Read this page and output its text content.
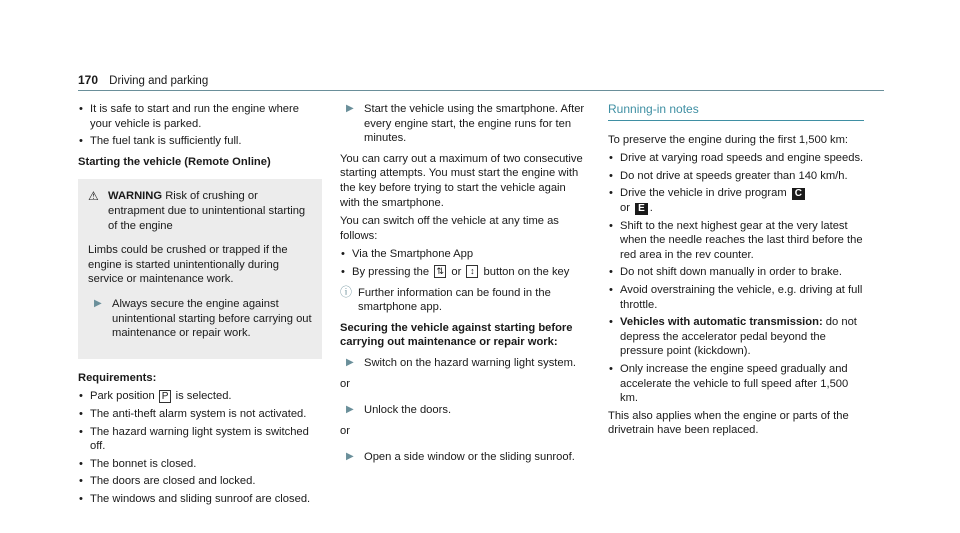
170 Driving and parking
• It is safe to start and run the engine where your vehicle is parked.
• The fuel tank is sufficiently full.
Starting the vehicle (Remote Online)
⚠ WARNING Risk of crushing or entrapment due to unintentional starting of the engine
Limbs could be crushed or trapped if the engine is started unintentionally during service or maintenance work.
▶ Always secure the engine against unintentional starting before carrying out maintenance or repair work.
Requirements:
• Park position P is selected.
• The anti-theft alarm system is not activated.
• The hazard warning light system is switched off.
• The bonnet is closed.
• The doors are closed and locked.
• The windows and sliding sunroof are closed.
▶ Start the vehicle using the smartphone. After every engine start, the engine runs for ten minutes.

You can carry out a maximum of two consecutive starting attempts. You must start the engine with the key before trying to start the vehicle again with the smartphone.

You can switch off the vehicle at any time as follows:

• Via the Smartphone App
• By pressing the ⇅ or ↕ button on the key
ⓘ Further information can be found in the smartphone app.
Securing the vehicle against starting before carrying out maintenance or repair work:
▶ Switch on the hazard warning light system.
or
▶ Unlock the doors.
or
▶ Open a side window or the sliding sunroof.
Running-in notes

To preserve the engine during the first 1,500 km:

• Drive at varying road speeds and engine speeds.
• Do not drive at speeds greater than 140 km/h.
• Drive the vehicle in drive program C
or E .
• Shift to the next highest gear at the very latest when the needle reaches the last third before the red area in the rev counter.
• Do not shift down manually in order to brake.
• Avoid overstraining the vehicle, e.g. driving at full throttle.
• Vehicles with automatic transmission: do not depress the accelerator pedal beyond the pressure point (kickdown).
• Only increase the engine speed gradually and accelerate the vehicle to full speed after 1,500 km.

This also applies when the engine or parts of the drivetrain have been replaced.
